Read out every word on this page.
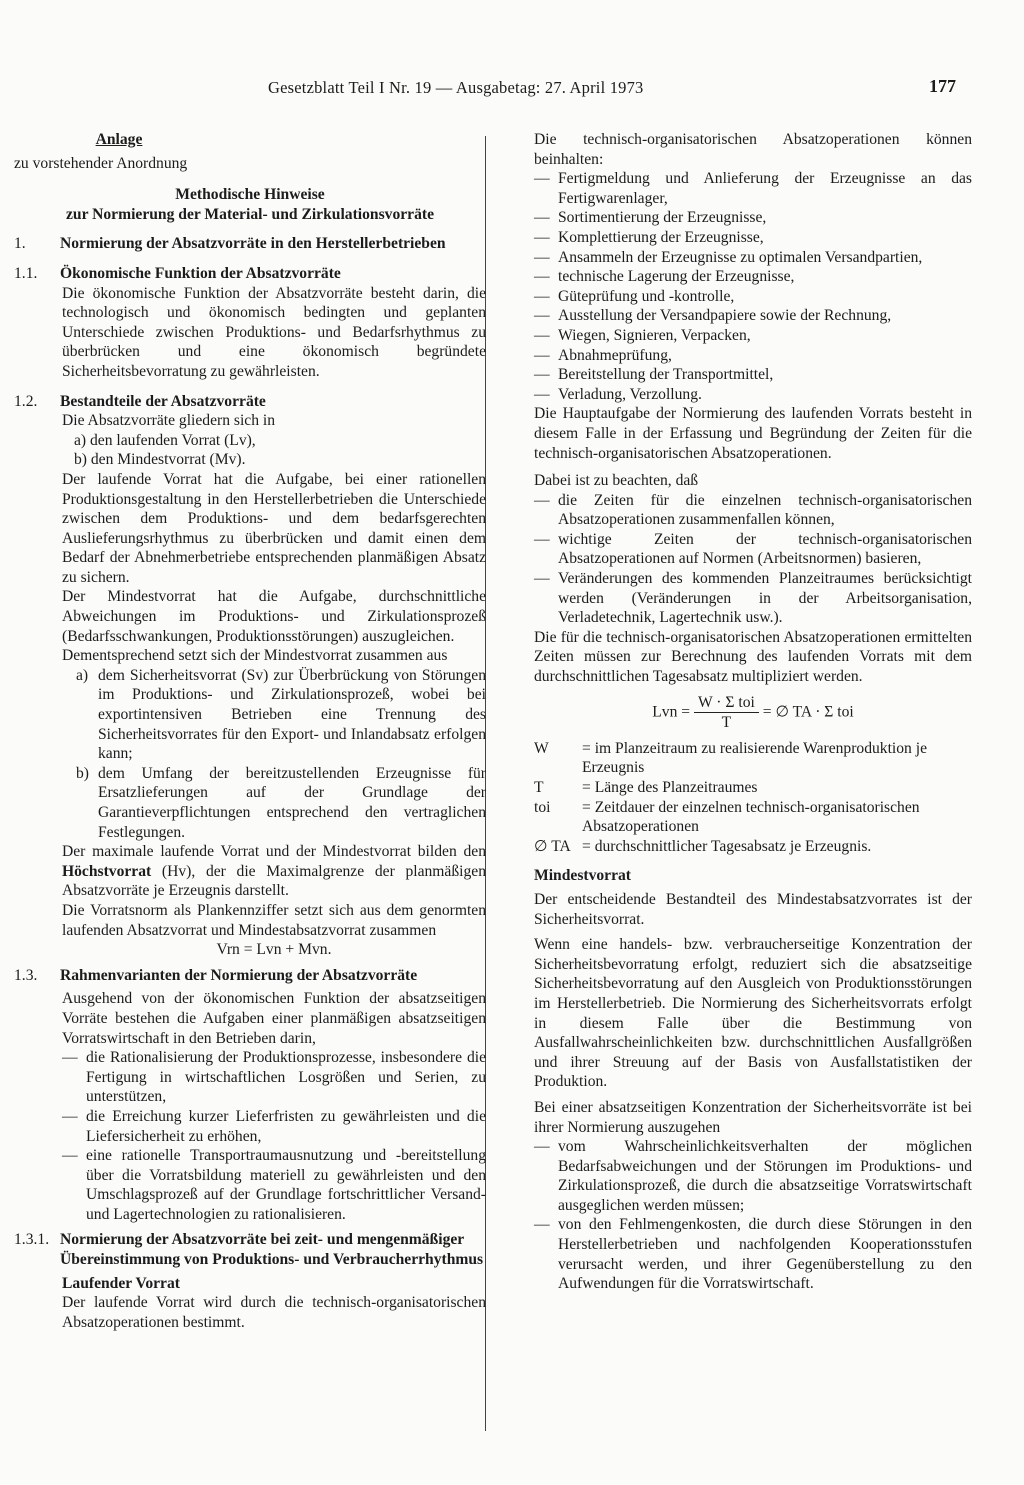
Gesetzblatt Teil I Nr. 19 — Ausgabetag: 27. April 1973	177

Anlage

zu vorstehender Anordnung

Methodische Hinweise

zur Normierung der Material- und Zirkulationsvorräte

1.	Normierung der Absatzvorräte in den Herstellerbetrieben
1.1.	Ökonomische Funktion der Absatzvorräte

Die ökonomische Funktion der Absatzvorräte besteht darin, die technologisch und ökonomisch bedingten und geplanten Unterschiede zwischen Produktions- und Bedarfsrhythmus zu überbrücken und eine ökonomisch begründete Sicherheitsbevorratung zu gewährleisten.

1.2.	Bestandteile der Absatzvorräte

Die Absatzvorräte gliedern sich in

a) den laufenden Vorrat (Lv),

b) den Mindestvorrat (Mv).

Der laufende Vorrat hat die Aufgabe, bei einer rationellen Produktionsgestaltung in den Herstellerbetrieben die Unterschiede zwischen dem Produktions- und dem bedarfsgerechten Auslieferungsrhythmus zu überbrücken und damit einen dem Bedarf der Abnehmerbetriebe entsprechenden planmäßigen Absatz zu sichern.

Der Mindestvorrat hat die Aufgabe, durchschnittliche Abweichungen im Produktions- und Zirkulationsprozeß (Bedarfsschwankungen, Produktionsstörungen) auszugleichen.

Dementsprechend setzt sich der Mindestvorrat zusammen aus

a) dem Sicherheitsvorrat (Sv) zur Überbrückung von Störungen im Produktions- und Zirkulationsprozeß, wobei bei exportintensiven Betrieben eine Trennung des Sicherheitsvorrates für den Export- und Inlandabsatz erfolgen kann;
b) dem Umfang der bereitzustellenden Erzeugnisse für Ersatzlieferungen auf der Grundlage der Garantieverpflichtungen entsprechend den vertraglichen Festlegungen.

Der maximale laufende Vorrat und der Mindestvorrat bilden den Höchstvorrat (Hv), der die Maximalgrenze der planmäßigen Absatzvorräte je Erzeugnis darstellt.

Die Vorratsnorm als Plankennziffer setzt sich aus dem genormten laufenden Absatzvorrat und Mindestabsatzvorrat zusammen

Vrn = Lvn + Mvn.

1.3.	Rahmenvarianten der Normierung der Absatzvorräte

Ausgehend von der ökonomischen Funktion der absatzseitigen Vorräte bestehen die Aufgaben einer planmäßigen absatzseitigen Vorratswirtschaft in den Betrieben darin,

— die Rationalisierung der Produktionsprozesse, insbesondere die Fertigung in wirtschaftlichen Losgrößen und Serien, zu unterstützen,
— die Erreichung kurzer Lieferfristen zu gewährleisten und die Liefersicherheit zu erhöhen,
— eine rationelle Transportraumausnutzung und -bereitstellung über die Vorratsbildung materiell zu gewährleisten und den Umschlagsprozeß auf der Grundlage fortschrittlicher Versand- und Lagertechnologien zu rationalisieren.
1.3.1. Normierung der Absatzvorräte bei zeit- und mengenmäßiger Übereinstimmung von Produktions- und Verbraucherrhythmus

Laufender Vorrat

Der laufende Vorrat wird durch die technisch-organisatorischen Absatzoperationen bestimmt.

Die technisch-organisatorischen Absatzoperationen können beinhalten:

— Fertigmeldung und Anlieferung der Erzeugnisse an das Fertigwarenlager,
— Sortimentierung der Erzeugnisse,
— Komplettierung der Erzeugnisse,
— Ansammeln der Erzeugnisse zu optimalen Versandpartien,
— technische Lagerung der Erzeugnisse,
— Güteprüfung und -kontrolle,
— Ausstellung der Versandpapiere sowie der Rechnung,
— Wiegen, Signieren, Verpacken,
— Abnahmeprüfung,
— Bereitstellung der Transportmittel,
— Verladung, Verzollung.

Die Hauptaufgabe der Normierung des laufenden Vorrats besteht in diesem Falle in der Erfassung und Begründung der Zeiten für die technisch-organisatorischen Absatzoperationen.

Dabei ist zu beachten, daß

— die Zeiten für die einzelnen technisch-organisatorischen Absatzoperationen zusammenfallen können,
— wichtige Zeiten der technisch-organisatorischen Absatzoperationen auf Normen (Arbeitsnormen) basieren,
— Veränderungen des kommenden Planzeitraumes berücksichtigt werden (Veränderungen in der Arbeitsorganisation, Verladetechnik, Lagertechnik usw.).

Die für die technisch-organisatorischen Absatzoperationen ermittelten Zeiten müssen zur Berechnung des laufenden Vorrats mit dem durchschnittlichen Tagesabsatz multipliziert werden.

Lvn = $\frac{\text{W · Σ toi}}{T}$ = ∅ TA · Σ toi
W	= im Planzeitraum zu realisierende Warenproduktion je Erzeugnis
T	= Länge des Planzeitraumes
toi	= Zeitdauer der einzelnen technisch-organisatorischen Absatzoperationen
∅ TA = durchschnittlicher Tagesabsatz je Erzeugnis.

Mindestvorrat

Der entscheidende Bestandteil des Mindestabsatzvorrates ist der Sicherheitsvorrat.

Wenn eine handels- bzw. verbraucherseitige Konzentration der Sicherheitsbevorratung erfolgt, reduziert sich die absatzseitige Sicherheitsbevorratung auf den Ausgleich von Produktionsstörungen im Herstellerbetrieb. Die Normierung des Sicherheitsvorrats erfolgt in diesem Falle über die Bestimmung von Ausfallwahrscheinlichkeiten bzw. durchschnittlichen Ausfallgrößen und ihrer Streuung auf der Basis von Ausfallstatistiken der Produktion.

Bei einer absatzseitigen Konzentration der Sicherheitsvorräte ist bei ihrer Normierung auszugehen

— vom Wahrscheinlichkeitsverhalten der möglichen Bedarfsabweichungen und der Störungen im Produktions- und Zirkulationsprozeß, die durch die absatzseitige Vorratswirtschaft ausgeglichen werden müssen;
— von den Fehlmengenkosten, die durch diese Störungen in den Herstellerbetrieben und nachfolgenden Kooperationsstufen verursacht werden, und ihrer Gegenüberstellung zu den Aufwendungen für die Vorratswirtschaft.
